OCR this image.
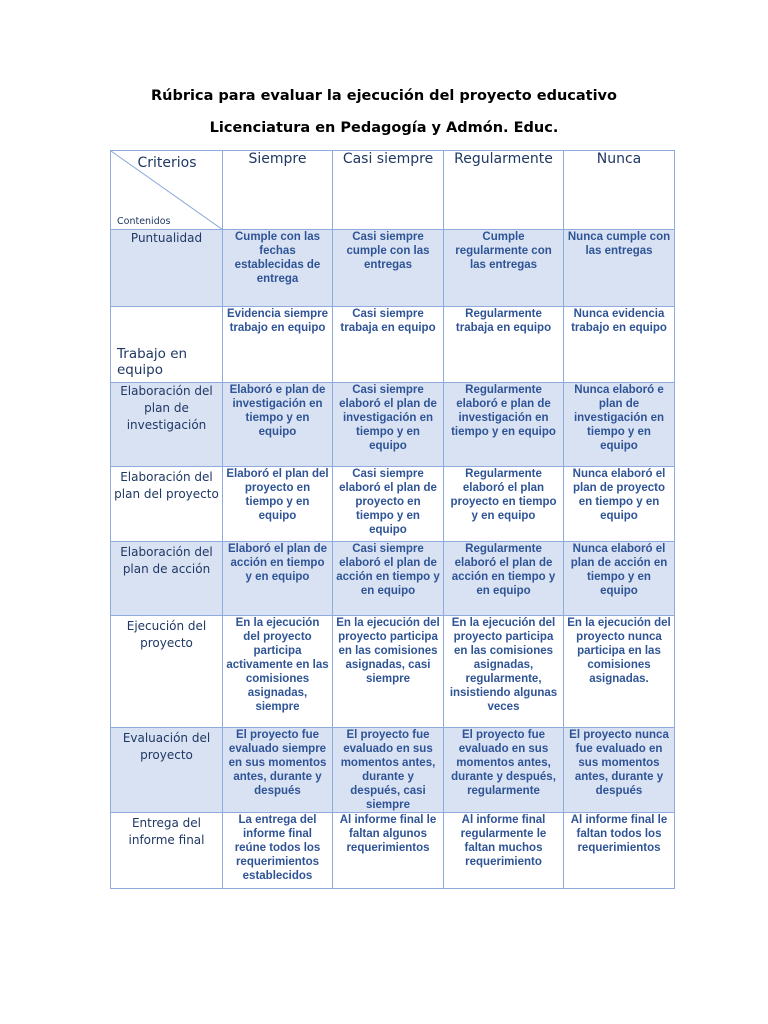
Rúbrica para evaluar la ejecución del proyecto educativo
Licenciatura en Pedagogía y Admón. Educ.
Criterios
Contenidos	Siempre	Casi siempre	Regularmente	Nunca
Puntualidad	Cumple con las fechas establecidas de entrega	Casi siempre cumple con las entregas	Cumple regularmente con las entregas	Nunca cumple con las entregas
Trabajo en equipo	Evidencia siempre trabajo en equipo	Casi siempre trabaja en equipo	Regularmente trabaja en equipo	Nunca evidencia trabajo en equipo
Elaboración del plan de investigación	Elaboró e plan de investigación en tiempo y en equipo	Casi siempre elaboró el plan de investigación en tiempo y en equipo	Regularmente elaboró e plan de investigación en tiempo y en equipo	Nunca elaboró e plan de investigación en tiempo y en equipo
Elaboración del plan del proyecto	Elaboró el plan del proyecto en tiempo y en equipo	Casi siempre elaboró el plan de proyecto en tiempo y en equipo	Regularmente elaboró el plan proyecto en tiempo y en equipo	Nunca elaboró el plan de proyecto en tiempo y en equipo
Elaboración del plan de acción	Elaboró el plan de acción en tiempo y en equipo	Casi siempre elaboró el plan de acción en tiempo y en equipo	Regularmente elaboró el plan de acción en tiempo y en equipo	Nunca elaboró el plan de acción en tiempo y en equipo
Ejecución del proyecto	En la ejecución del proyecto participa activamente en las comisiones asignadas, siempre	En la ejecución del proyecto participa en las comisiones asignadas, casi siempre	En la ejecución del proyecto participa en las comisiones asignadas, regularmente, insistiendo algunas veces	En la ejecución del proyecto nunca participa en las comisiones asignadas.
Evaluación del proyecto	El proyecto fue evaluado siempre en sus momentos antes, durante y después	El proyecto fue evaluado en sus momentos antes, durante y después, casi siempre	El proyecto fue evaluado en sus momentos antes, durante y después, regularmente	El proyecto nunca fue evaluado en sus momentos antes, durante y después
Entrega del informe final	La entrega del informe final reúne todos los requerimientos establecidos	Al informe final le faltan algunos requerimientos	Al informe final regularmente le faltan muchos requerimiento	Al informe final le faltan todos los requerimientos
